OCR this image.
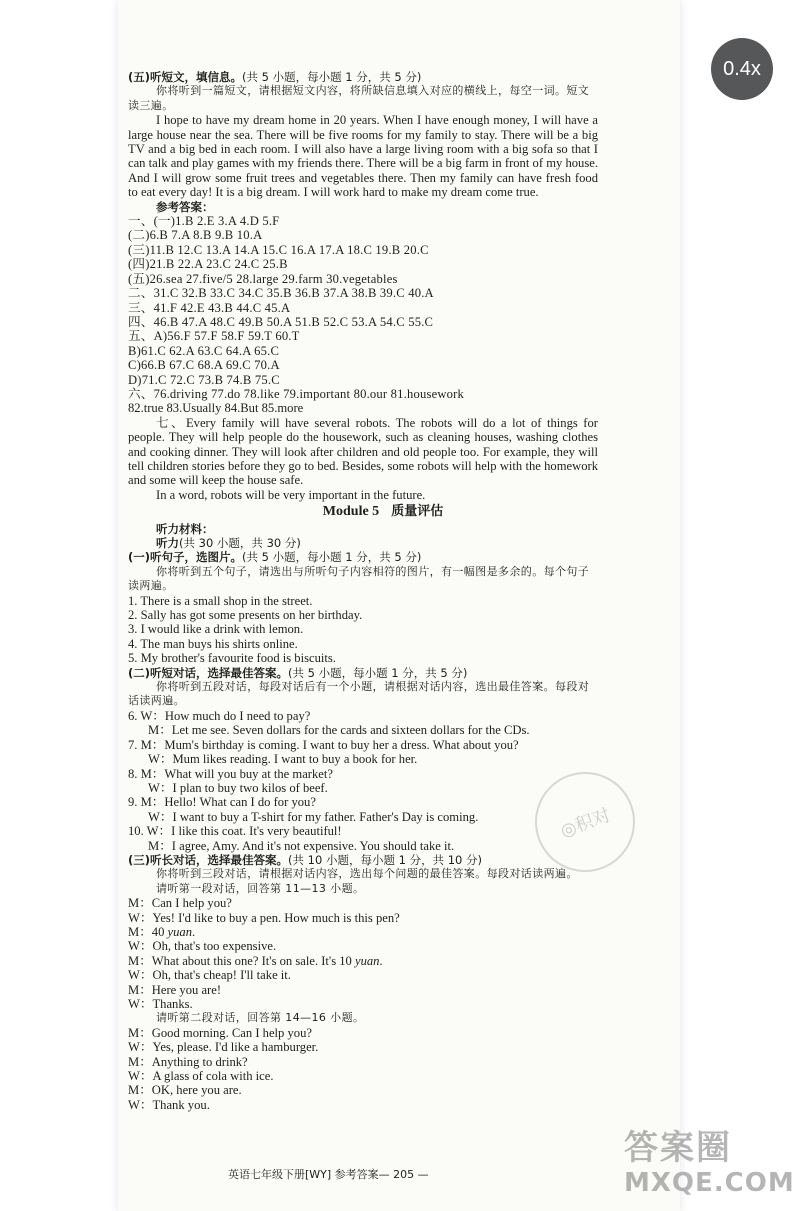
0.4x

(五)听短文，填信息。(共 5 小题，每小题 1 分，共 5 分)

你将听到一篇短文，请根据短文内容，将所缺信息填入对应的横线上，每空一词。短文读三遍。

I hope to have my dream home in 20 years. When I have enough money, I will have a large house near the sea. There will be five rooms for my family to stay. There will be a big TV and a big bed in each room. I will also have a large living room with a big sofa so that I can talk and play games with my friends there. There will be a big farm in front of my house. And I will grow some fruit trees and vegetables there. Then my family can have fresh food to eat every day! It is a big dream. I will work hard to make my dream come true.

参考答案：

一、(一)1.B 2.E 3.A 4.D 5.F

(二)6.B 7.A 8.B 9.B 10.A

(三)11.B 12.C 13.A 14.A 15.C 16.A 17.A 18.C 19.B 20.C

(四)21.B 22.A 23.C 24.C 25.B

(五)26.sea 27.five/5 28.large 29.farm 30.vegetables

二、31.C 32.B 33.C 34.C 35.B 36.B 37.A 38.B 39.C 40.A

三、41.F 42.E 43.B 44.C 45.A

四、46.B 47.A 48.C 49.B 50.A 51.B 52.C 53.A 54.C 55.C

五、A)56.F 57.F 58.F 59.T 60.T

B)61.C 62.A 63.C 64.A 65.C

C)66.B 67.C 68.A 69.C 70.A

D)71.C 72.C 73.B 74.B 75.C

六、76.driving 77.do 78.like 79.important 80.our 81.housework

82.true 83.Usually 84.But 85.more

七、Every family will have several robots. The robots will do a lot of things for people. They will help people do the housework, such as cleaning houses, washing clothes and cooking dinner. They will look after children and old people too. For example, they will tell children stories before they go to bed. Besides, some robots will help with the homework and some will keep the house safe.

In a word, robots will be very important in the future.

Module 5 质量评估

听力材料：

听力(共 30 小题，共 30 分)

(一)听句子，选图片。(共 5 小题，每小题 1 分，共 5 分)

你将听到五个句子，请选出与所听句子内容相符的图片，有一幅图是多余的。每个句子读两遍。

1. There is a small shop in the street.

2. Sally has got some presents on her birthday.

3. I would like a drink with lemon.

4. The man buys his shirts online.

5. My brother's favourite food is biscuits.

(二)听短对话，选择最佳答案。(共 5 小题，每小题 1 分，共 5 分)

你将听到五段对话，每段对话后有一个小题，请根据对话内容，选出最佳答案。每段对话读两遍。

6. W：How much do I need to pay?

M：Let me see. Seven dollars for the cards and sixteen dollars for the CDs.

7. M：Mum's birthday is coming. I want to buy her a dress. What about you?

W：Mum likes reading. I want to buy a book for her.

8. M：What will you buy at the market?

W：I plan to buy two kilos of beef.

9. M：Hello! What can I do for you?

W：I want to buy a T-shirt for my father. Father's Day is coming.

10. W：I like this coat. It's very beautiful!

M：I agree, Amy. And it's not expensive. You should take it.

(三)听长对话，选择最佳答案。(共 10 小题，每小题 1 分，共 10 分)

你将听到三段对话，请根据对话内容，选出每个问题的最佳答案。每段对话读两遍。

请听第一段对话，回答第 11—13 小题。

M：Can I help you?

W：Yes! I'd like to buy a pen. How much is this pen?

M：40 yuan.

W：Oh, that's too expensive.

M：What about this one? It's on sale. It's 10 yuan.

W：Oh, that's cheap! I'll take it.

M：Here you are!

W：Thanks.

请听第二段对话，回答第 14—16 小题。

M：Good morning. Can I help you?

W：Yes, please. I'd like a hamburger.

M：Anything to drink?

W：A glass of cola with ice.

M：OK, here you are.

W：Thank you.

英语七年级下册[WY] 参考答案— 205 —
◎积对
答案圈
MXQE.COM
